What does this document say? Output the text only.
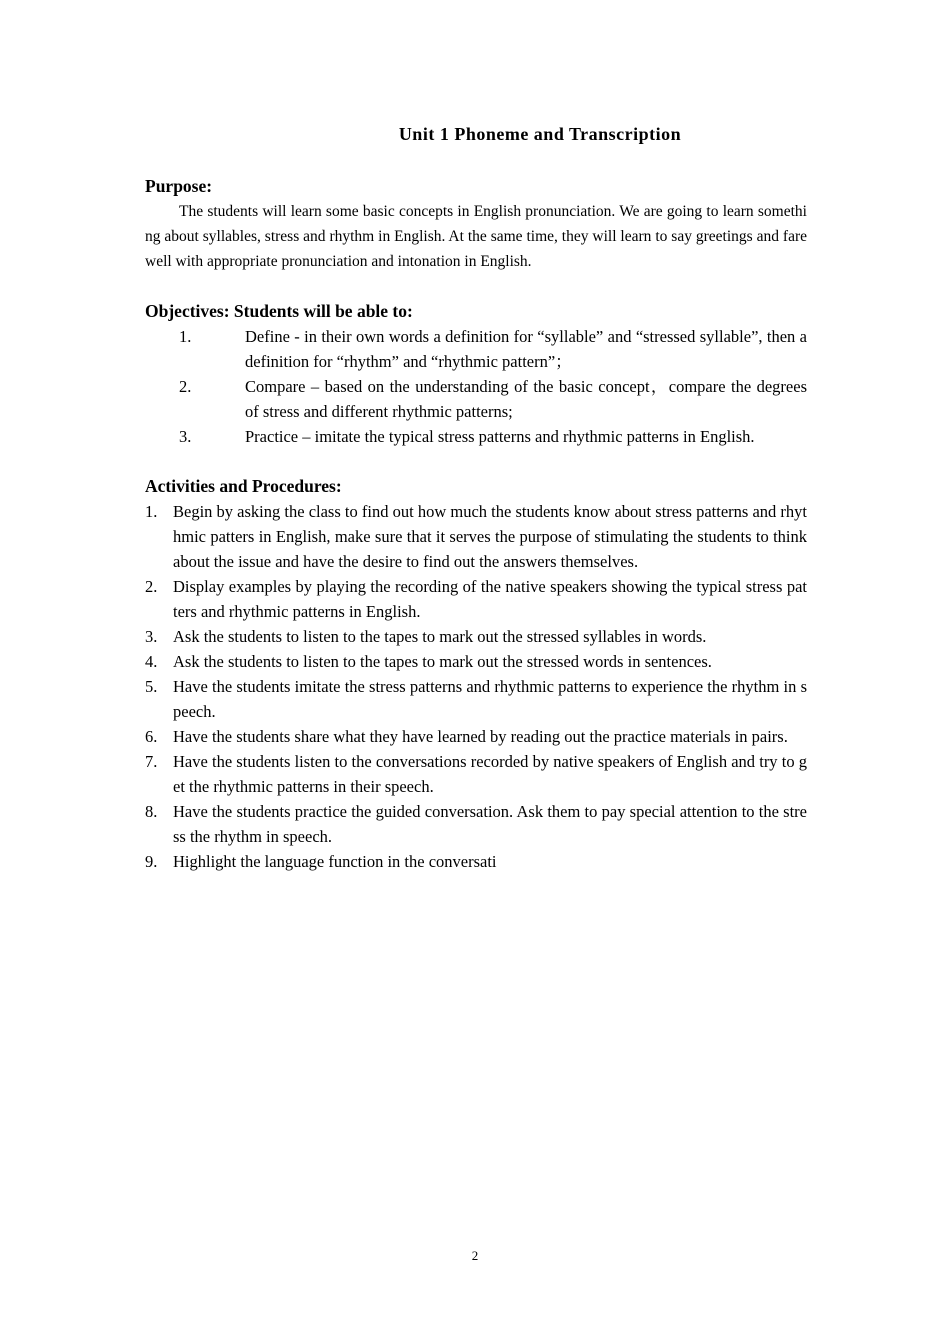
Unit 1 Phoneme and Transcription
Purpose:

The students will learn some basic concepts in English pronunciation. We are going to learn something about syllables, stress and rhythm in English. At the same time, they will learn to say greetings and farewell with appropriate pronunciation and intonation in English.

Objectives: Students will be able to:
1.	Define - in their own words a definition for “syllable” and “stressed syllable”, then a definition for “rhythm” and “rhythmic pattern”；
2.	Compare – based on the understanding of the basic concept，compare the degrees of stress and different rhythmic patterns;
3.	Practice – imitate the typical stress patterns and rhythmic patterns in English.
Activities and Procedures:
1. Begin by asking the class to find out how much the students know about stress patterns and rhythmic patters in English, make sure that it serves the purpose of stimulating the students to think about the issue and have the desire to find out the answers themselves.
2. Display examples by playing the recording of the native speakers showing the typical stress patters and rhythmic patterns in English.
3. Ask the students to listen to the tapes to mark out the stressed syllables in words.
4. Ask the students to listen to the tapes to mark out the stressed words in sentences.
5. Have the students imitate the stress patterns and rhythmic patterns to experience the rhythm in speech.
6. Have the students share what they have learned by reading out the practice materials in pairs.
7. Have the students listen to the conversations recorded by native speakers of English and try to get the rhythmic patterns in their speech.
8. Have the students practice the guided conversation. Ask them to pay special attention to the stress the rhythm in speech.
9. Highlight the language function in the conversati
2
